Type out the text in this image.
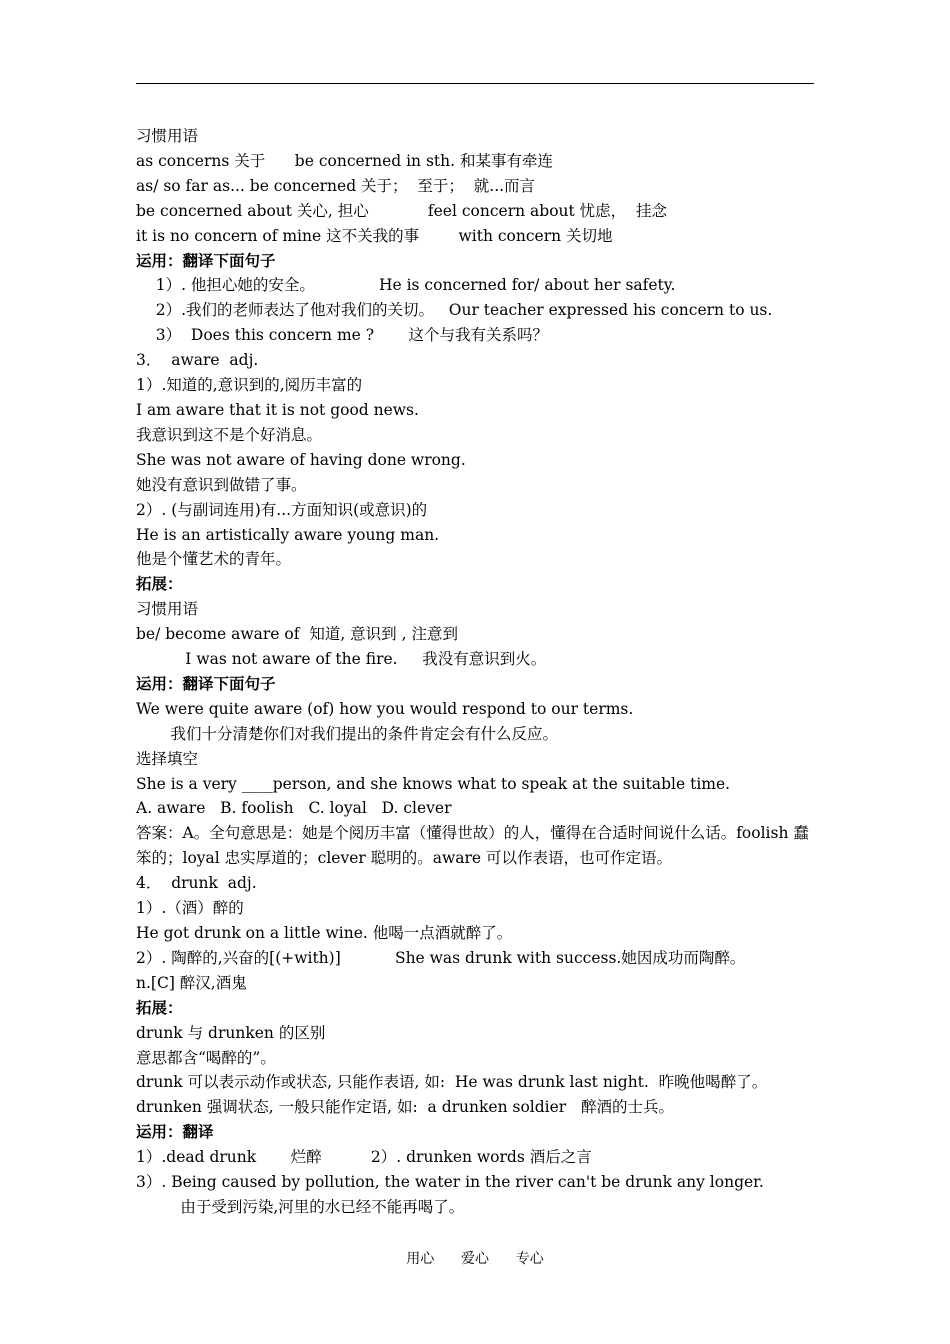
习惯用语
as concerns 关于      be concerned in sth. 和某事有牵连
as/ so far as... be concerned 关于；  至于；  就...而言
be concerned about 关心, 担心            feel concern about 忧虑，  挂念
it is no concern of mine 这不关我的事        with concern 关切地
运用：翻译下面句子
1）. 他担心她的安全。             He is concerned for/ about her safety.
2）.我们的老师表达了他对我们的关切。   Our teacher expressed his concern to us.
3）  Does this concern me ?       这个与我有关系吗？
3．  aware  adj.
1）.知道的,意识到的,阅历丰富的
I am aware that it is not good news.
我意识到这不是个好消息。
She was not aware of having done wrong.
她没有意识到做错了事。
2）. (与副词连用)有...方面知识(或意识)的
He is an artistically aware young man.
他是个懂艺术的青年。
拓展：
习惯用语
be/ become aware of  知道, 意识到 , 注意到
I was not aware of the fire.     我没有意识到火。
运用：翻译下面句子
We were quite aware (of) how you would respond to our terms.
我们十分清楚你们对我们提出的条件肯定会有什么反应。
选择填空
She is a very ____person, and she knows what to speak at the suitable time.
A. aware   B. foolish   C. loyal   D. clever
答案：A。全句意思是：她是个阅历丰富（懂得世故）的人，懂得在合适时间说什么话。foolish 蠢笨的；loyal 忠实厚道的；clever 聪明的。aware 可以作表语，也可作定语。
4．  drunk  adj.
1）.（酒）醉的
He got drunk on a little wine. 他喝一点酒就醉了。
2）. 陶醉的,兴奋的[(+with)]           She was drunk with success.她因成功而陶醉。
n.[C] 醉汉,酒鬼
拓展：
drunk 与 drunken 的区别
意思都含“喝醉的”。
drunk 可以表示动作或状态, 只能作表语, 如:  He was drunk last night.  昨晚他喝醉了。
drunken 强调状态, 一般只能作定语, 如:  a drunken soldier   醉酒的士兵。
运用：翻译
1）.dead drunk       烂醉          2）. drunken words 酒后之言
3）. Being caused by pollution, the water in the river can't be drunk any longer.
由于受到污染,河里的水已经不能再喝了。
用心      爱心      专心
